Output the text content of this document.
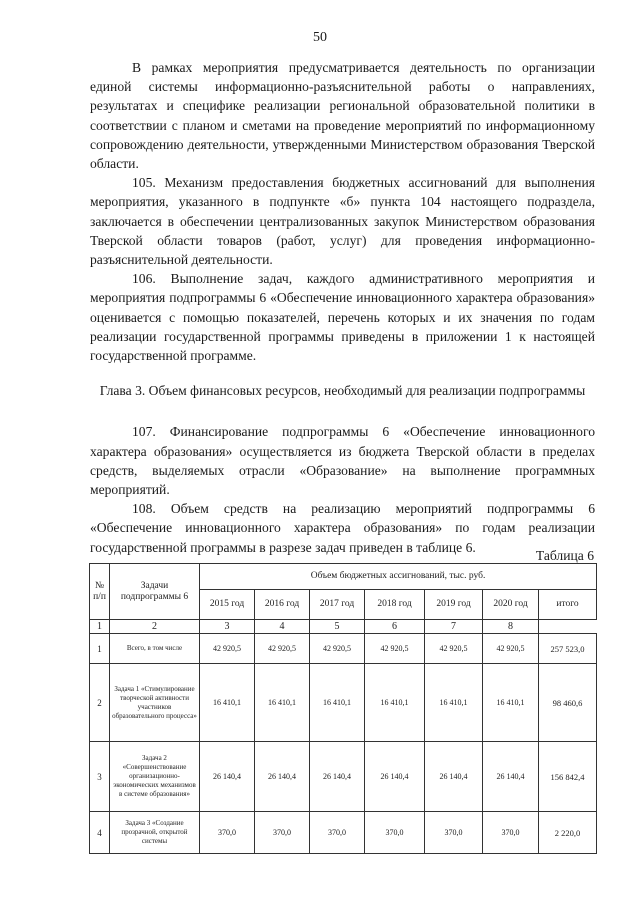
50

В рамках мероприятия предусматривается деятельность по организации единой системы информационно-разъяснительной работы о направлениях, результатах и специфике реализации региональной образовательной политики в соответствии с планом и сметами на проведение мероприятий по информационному сопровождению деятельности, утвержденными Министерством образования Тверской области.

105. Механизм предоставления бюджетных ассигнований для выполнения мероприятия, указанного в подпункте «б» пункта 104 настоящего подраздела, заключается в обеспечении централизованных закупок Министерством образования Тверской области товаров (работ, услуг) для проведения информационно-разъяснительной деятельности.

106. Выполнение задач, каждого административного мероприятия и мероприятия подпрограммы 6 «Обеспечение инновационного характера образования» оценивается с помощью показателей, перечень которых и их значения по годам реализации государственной программы приведены в приложении 1 к настоящей государственной программе.

Глава 3. Объем финансовых ресурсов, необходимый для реализации подпрограммы

107. Финансирование подпрограммы 6 «Обеспечение инновационного характера образования» осуществляется из бюджета Тверской области в пределах средств, выделяемых отрасли «Образование» на выполнение программных мероприятий.

108. Объем средств на реализацию мероприятий подпрограммы 6 «Обеспечение инновационного характера образования» по годам реализации государственной программы в разрезе задач приведен в таблице 6.

Таблица 6
№ п/п	Задачи подпрограммы 6	Объем бюджетных ассигнований, тыс. руб.						
		2015 год	2016 год	2017 год	2018 год	2019 год	2020 год	итого
1	2	3	4	5	6	7	8	
1	Всего, в том числе	42 920,5	42 920,5	42 920,5	42 920,5	42 920,5	42 920,5	257 523,0
2	Задача 1 «Стимулирование творческой активности участников образовательного процесса»	16 410,1	16 410,1	16 410,1	16 410,1	16 410,1	16 410,1	98 460,6
3	Задача 2 «Совершенствование организационно-экономических механизмов в системе образования»	26 140,4	26 140,4	26 140,4	26 140,4	26 140,4	26 140,4	156 842,4
4	Задача 3 «Создание прозрачной, открытой системы	370,0	370,0	370,0	370,0	370,0	370,0	2 220,0
